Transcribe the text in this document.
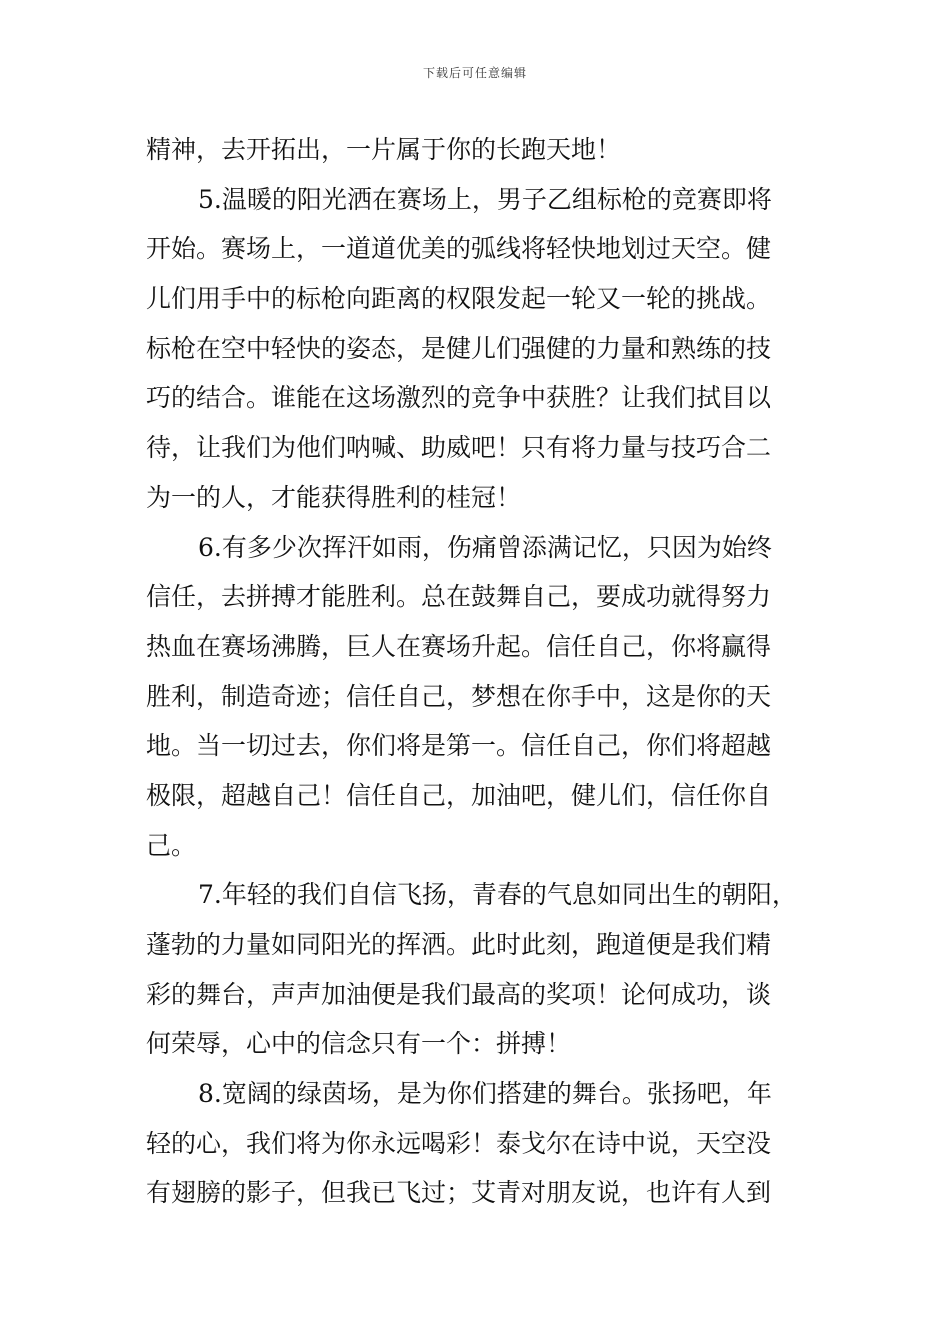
下载后可任意编辑
精神，去开拓出，一片属于你的长跑天地！
5.温暖的阳光洒在赛场上，男子乙组标枪的竞赛即将
开始。赛场上，一道道优美的弧线将轻快地划过天空。健
儿们用手中的标枪向距离的权限发起一轮又一轮的挑战。
标枪在空中轻快的姿态，是健儿们强健的力量和熟练的技
巧的结合。谁能在这场激烈的竞争中获胜？让我们拭目以
待，让我们为他们呐喊、助威吧！只有将力量与技巧合二
为一的人，才能获得胜利的桂冠！
6.有多少次挥汗如雨，伤痛曾添满记忆，只因为始终
信任，去拼搏才能胜利。总在鼓舞自己，要成功就得努力
热血在赛场沸腾，巨人在赛场升起。信任自己，你将赢得
胜利，制造奇迹；信任自己，梦想在你手中，这是你的天
地。当一切过去，你们将是第一。信任自己，你们将超越
极限，超越自己！信任自己，加油吧，健儿们，信任你自
己。
7.年轻的我们自信飞扬，青春的气息如同出生的朝阳，
蓬勃的力量如同阳光的挥洒。此时此刻，跑道便是我们精
彩的舞台，声声加油便是我们最高的奖项！论何成功，谈
何荣辱，心中的信念只有一个：拼搏！
8.宽阔的绿茵场，是为你们搭建的舞台。张扬吧，年
轻的心，我们将为你永远喝彩！泰戈尔在诗中说，天空没
有翅膀的影子，但我已飞过；艾青对朋友说，也许有人到
